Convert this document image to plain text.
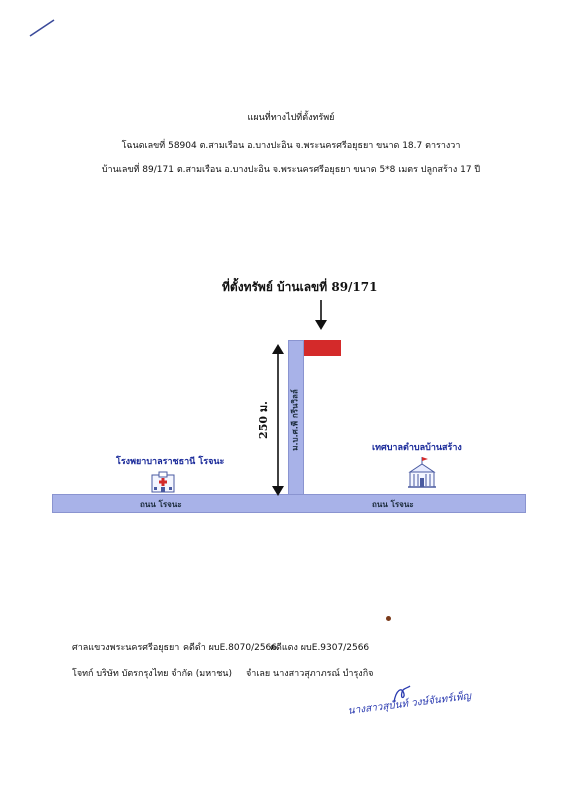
แผนที่ทางไปที่ตั้งทรัพย์
โฉนดเลขที่ 58904 ต.สามเรือน อ.บางปะอิน จ.พระนครศรีอยุธยา ขนาด 18.7 ตารางวา
บ้านเลขที่ 89/171 ต.สามเรือน อ.บางปะอิน จ.พระนครศรีอยุธยา ขนาด 5*8 เมตร ปลูกสร้าง 17 ปี
ที่ตั้งทรัพย์ บ้านเลขที่ 89/171
ม.บ.ศ.พี กรีนวิลล์
ถนน โรจนะ	ถนน โรจนะ
250 ม.
โรงพยาบาลราชธานี โรจนะ
เทศบาลตำบลบ้านสร้าง
ศาลแขวงพระนครศรีอยุธยา คดีดำ ผบE.8070/2566
คดีแดง ผบE.9307/2566
โจทก์ บริษัท บัตรกรุงไทย จำกัด (มหาชน) จำเลย นางสาวสุภาภรณ์ บำรุงกิจ
นางสาวสุบันท์ วงษ์จันทร์เพ็ญ
